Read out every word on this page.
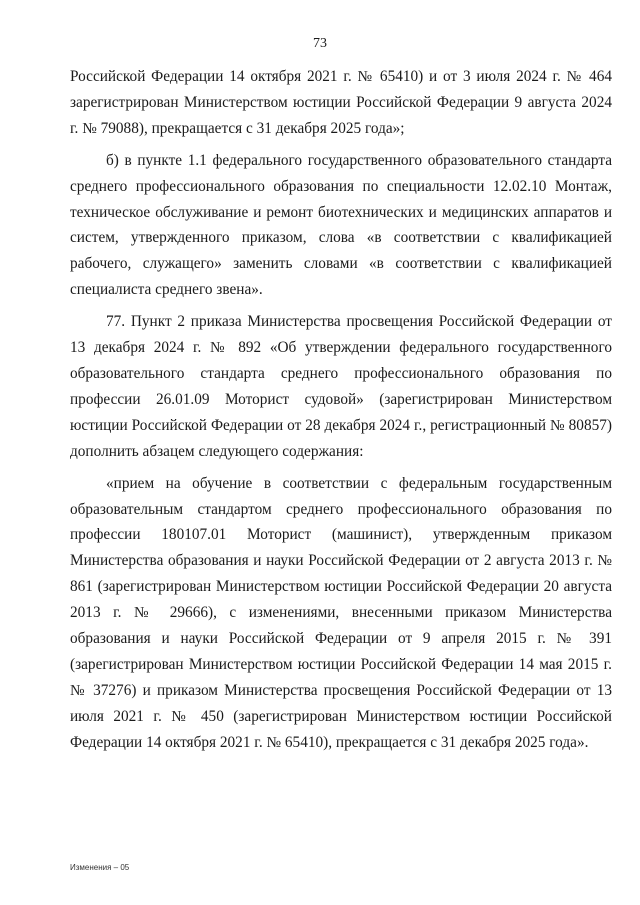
73

Российской Федерации 14 октября 2021 г. № 65410) и от 3 июля 2024 г. № 464 зарегистрирован Министерством юстиции Российской Федерации 9 августа 2024 г. № 79088), прекращается с 31 декабря 2025 года»;

б) в пункте 1.1 федерального государственного образовательного стандарта среднего профессионального образования по специальности 12.02.10 Монтаж, техническое обслуживание и ремонт биотехнических и медицинских аппаратов и систем, утвержденного приказом, слова «в соответствии с квалификацией рабочего, служащего» заменить словами «в соответствии с квалификацией специалиста среднего звена».

77. Пункт 2 приказа Министерства просвещения Российской Федерации от 13 декабря 2024 г. № 892 «Об утверждении федерального государственного образовательного стандарта среднего профессионального образования по профессии 26.01.09 Моторист судовой» (зарегистрирован Министерством юстиции Российской Федерации от 28 декабря 2024 г., регистрационный № 80857) дополнить абзацем следующего содержания:

«прием на обучение в соответствии с федеральным государственным образовательным стандартом среднего профессионального образования по профессии 180107.01 Моторист (машинист), утвержденным приказом Министерства образования и науки Российской Федерации от 2 августа 2013 г. № 861 (зарегистрирован Министерством юстиции Российской Федерации 20 августа 2013 г. № 29666), с изменениями, внесенными приказом Министерства образования и науки Российской Федерации от 9 апреля 2015 г. № 391 (зарегистрирован Министерством юстиции Российской Федерации 14 мая 2015 г. № 37276) и приказом Министерства просвещения Российской Федерации от 13 июля 2021 г. № 450 (зарегистрирован Министерством юстиции Российской Федерации 14 октября 2021 г. № 65410), прекращается с 31 декабря 2025 года».

Изменения – 05
